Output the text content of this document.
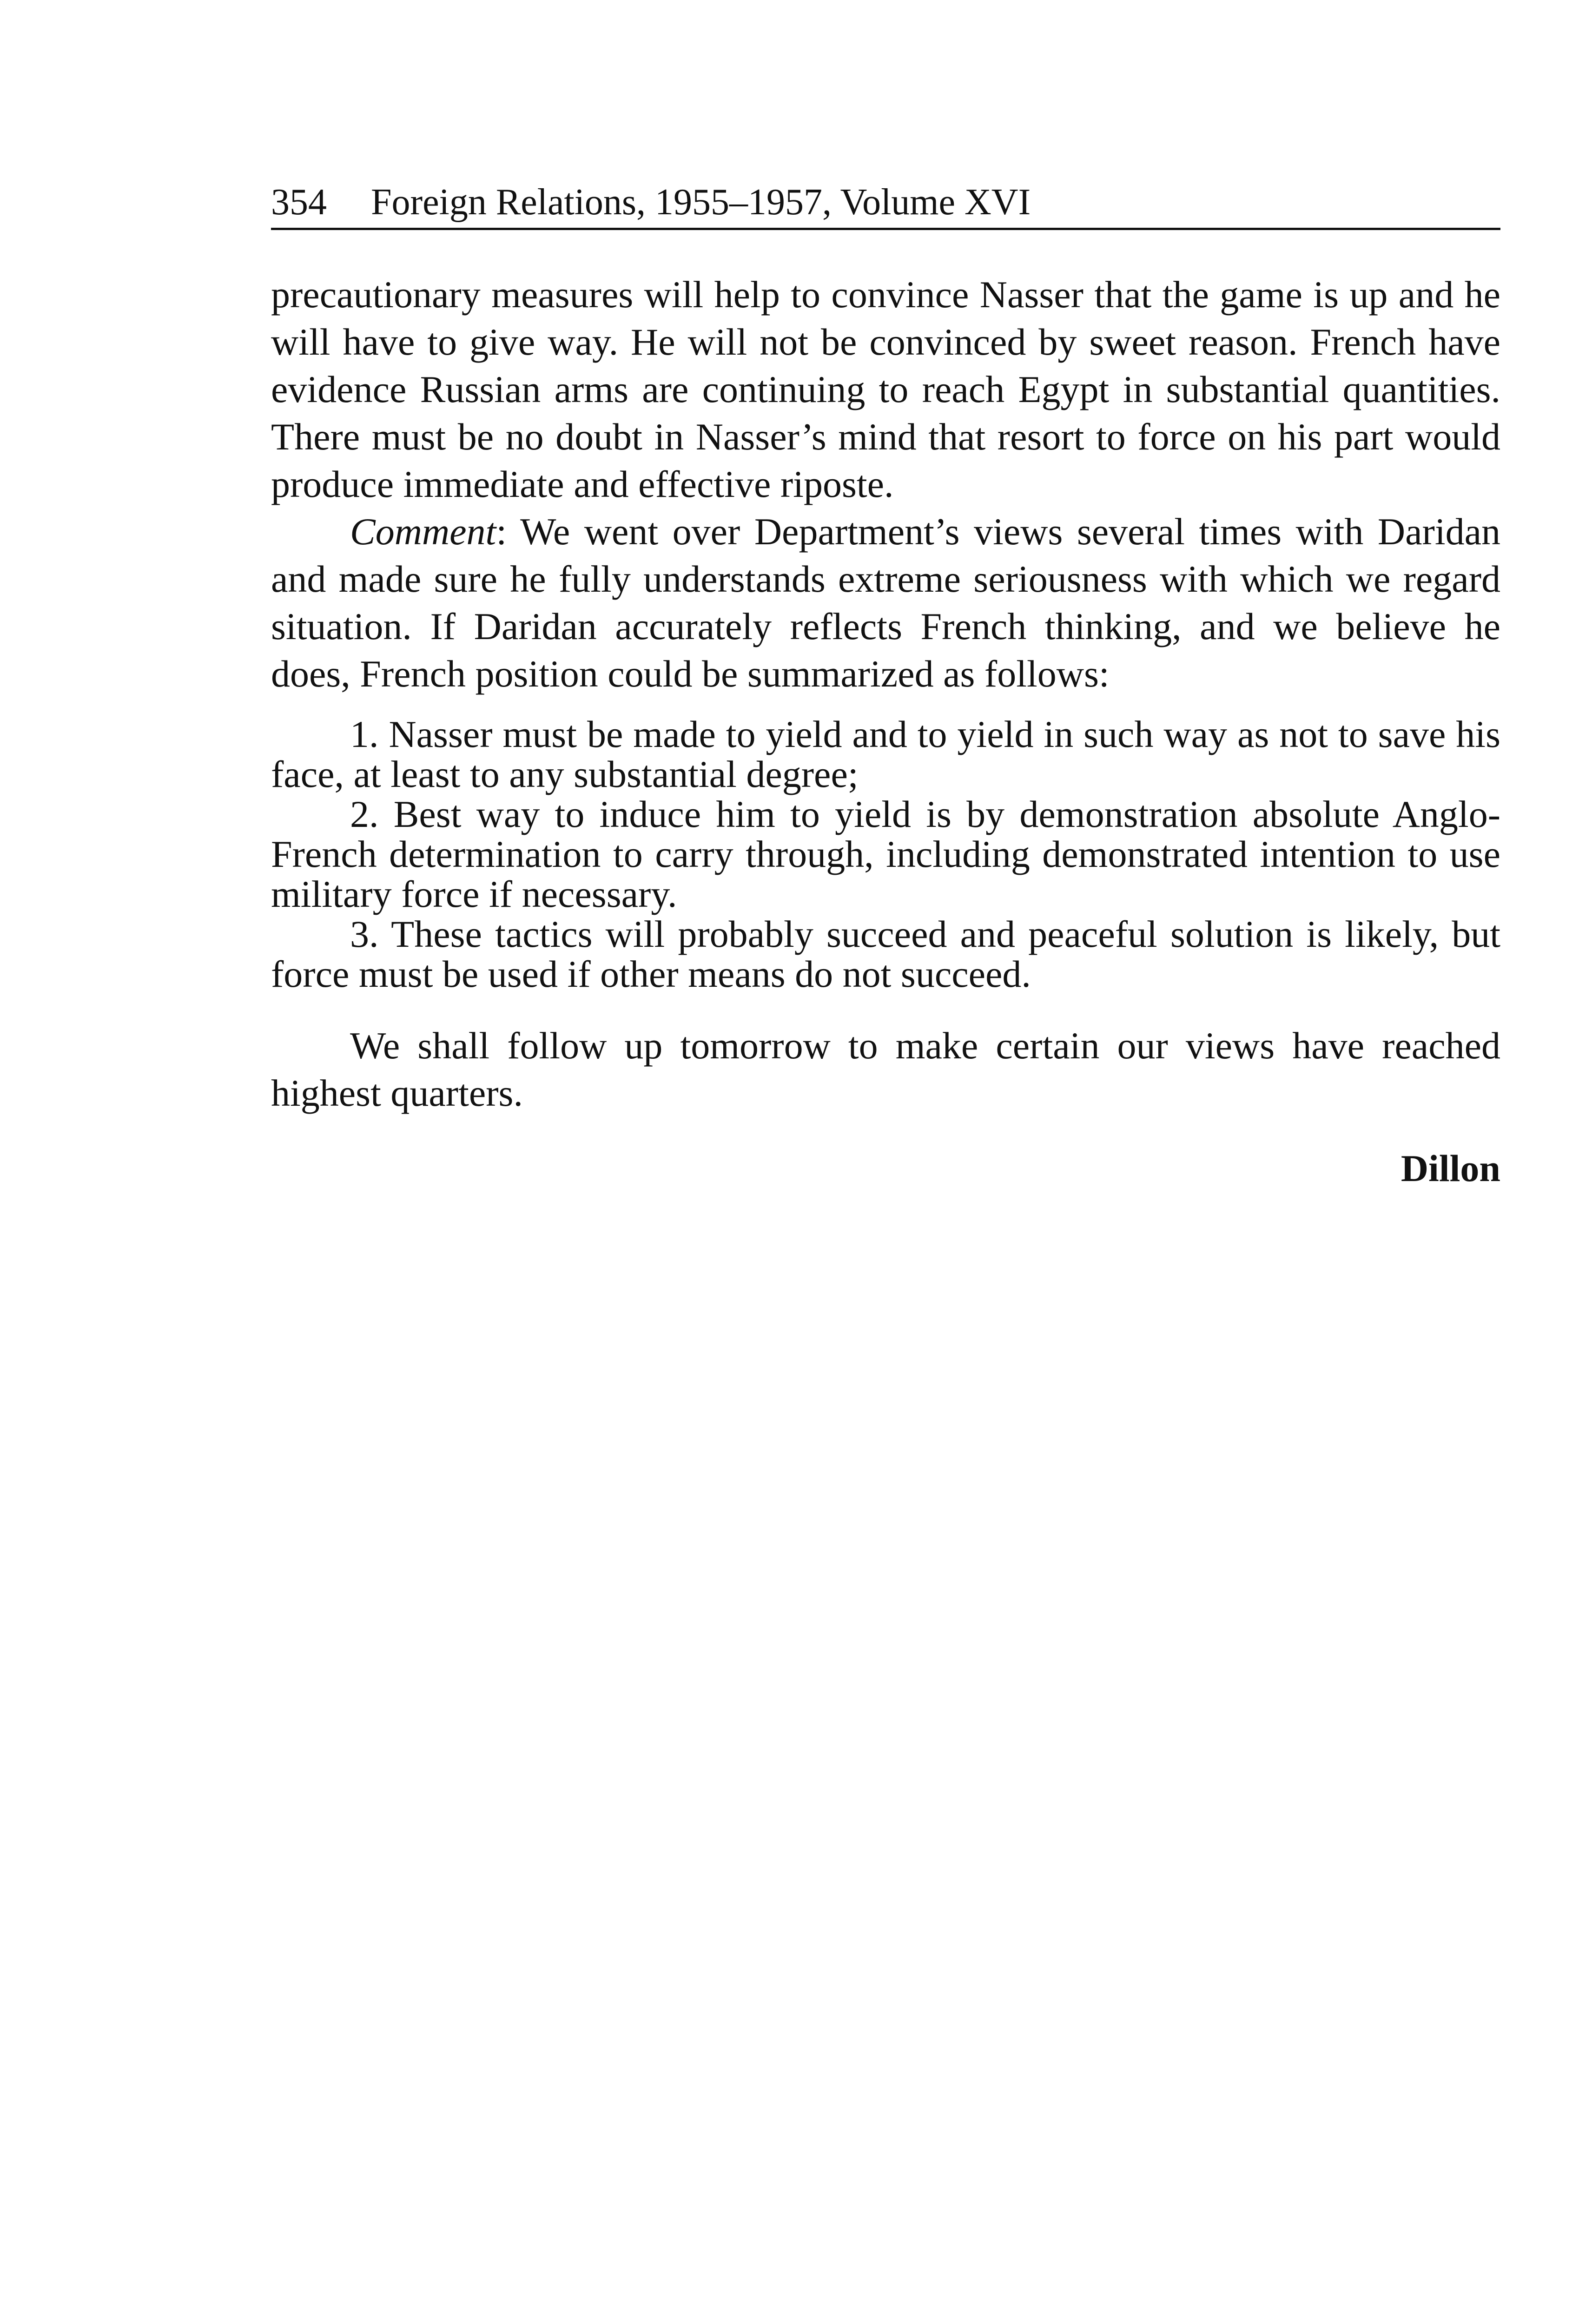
354 Foreign Relations, 1955–1957, Volume XVI

precautionary measures will help to convince Nasser that the game is up and he will have to give way. He will not be convinced by sweet reason. French have evidence Russian arms are continuing to reach Egypt in substantial quantities. There must be no doubt in Nasser’s mind that resort to force on his part would produce immediate and effective riposte.

Comment: We went over Department’s views several times with Daridan and made sure he fully understands extreme seriousness with which we regard situation. If Daridan accurately reflects French thinking, and we believe he does, French position could be summarized as follows:

1. Nasser must be made to yield and to yield in such way as not to save his face, at least to any substantial degree;
2. Best way to induce him to yield is by demonstration absolute Anglo-French determination to carry through, including demonstrated intention to use military force if necessary.
3. These tactics will probably succeed and peaceful solution is likely, but force must be used if other means do not succeed.

We shall follow up tomorrow to make certain our views have reached highest quarters.

Dillon
